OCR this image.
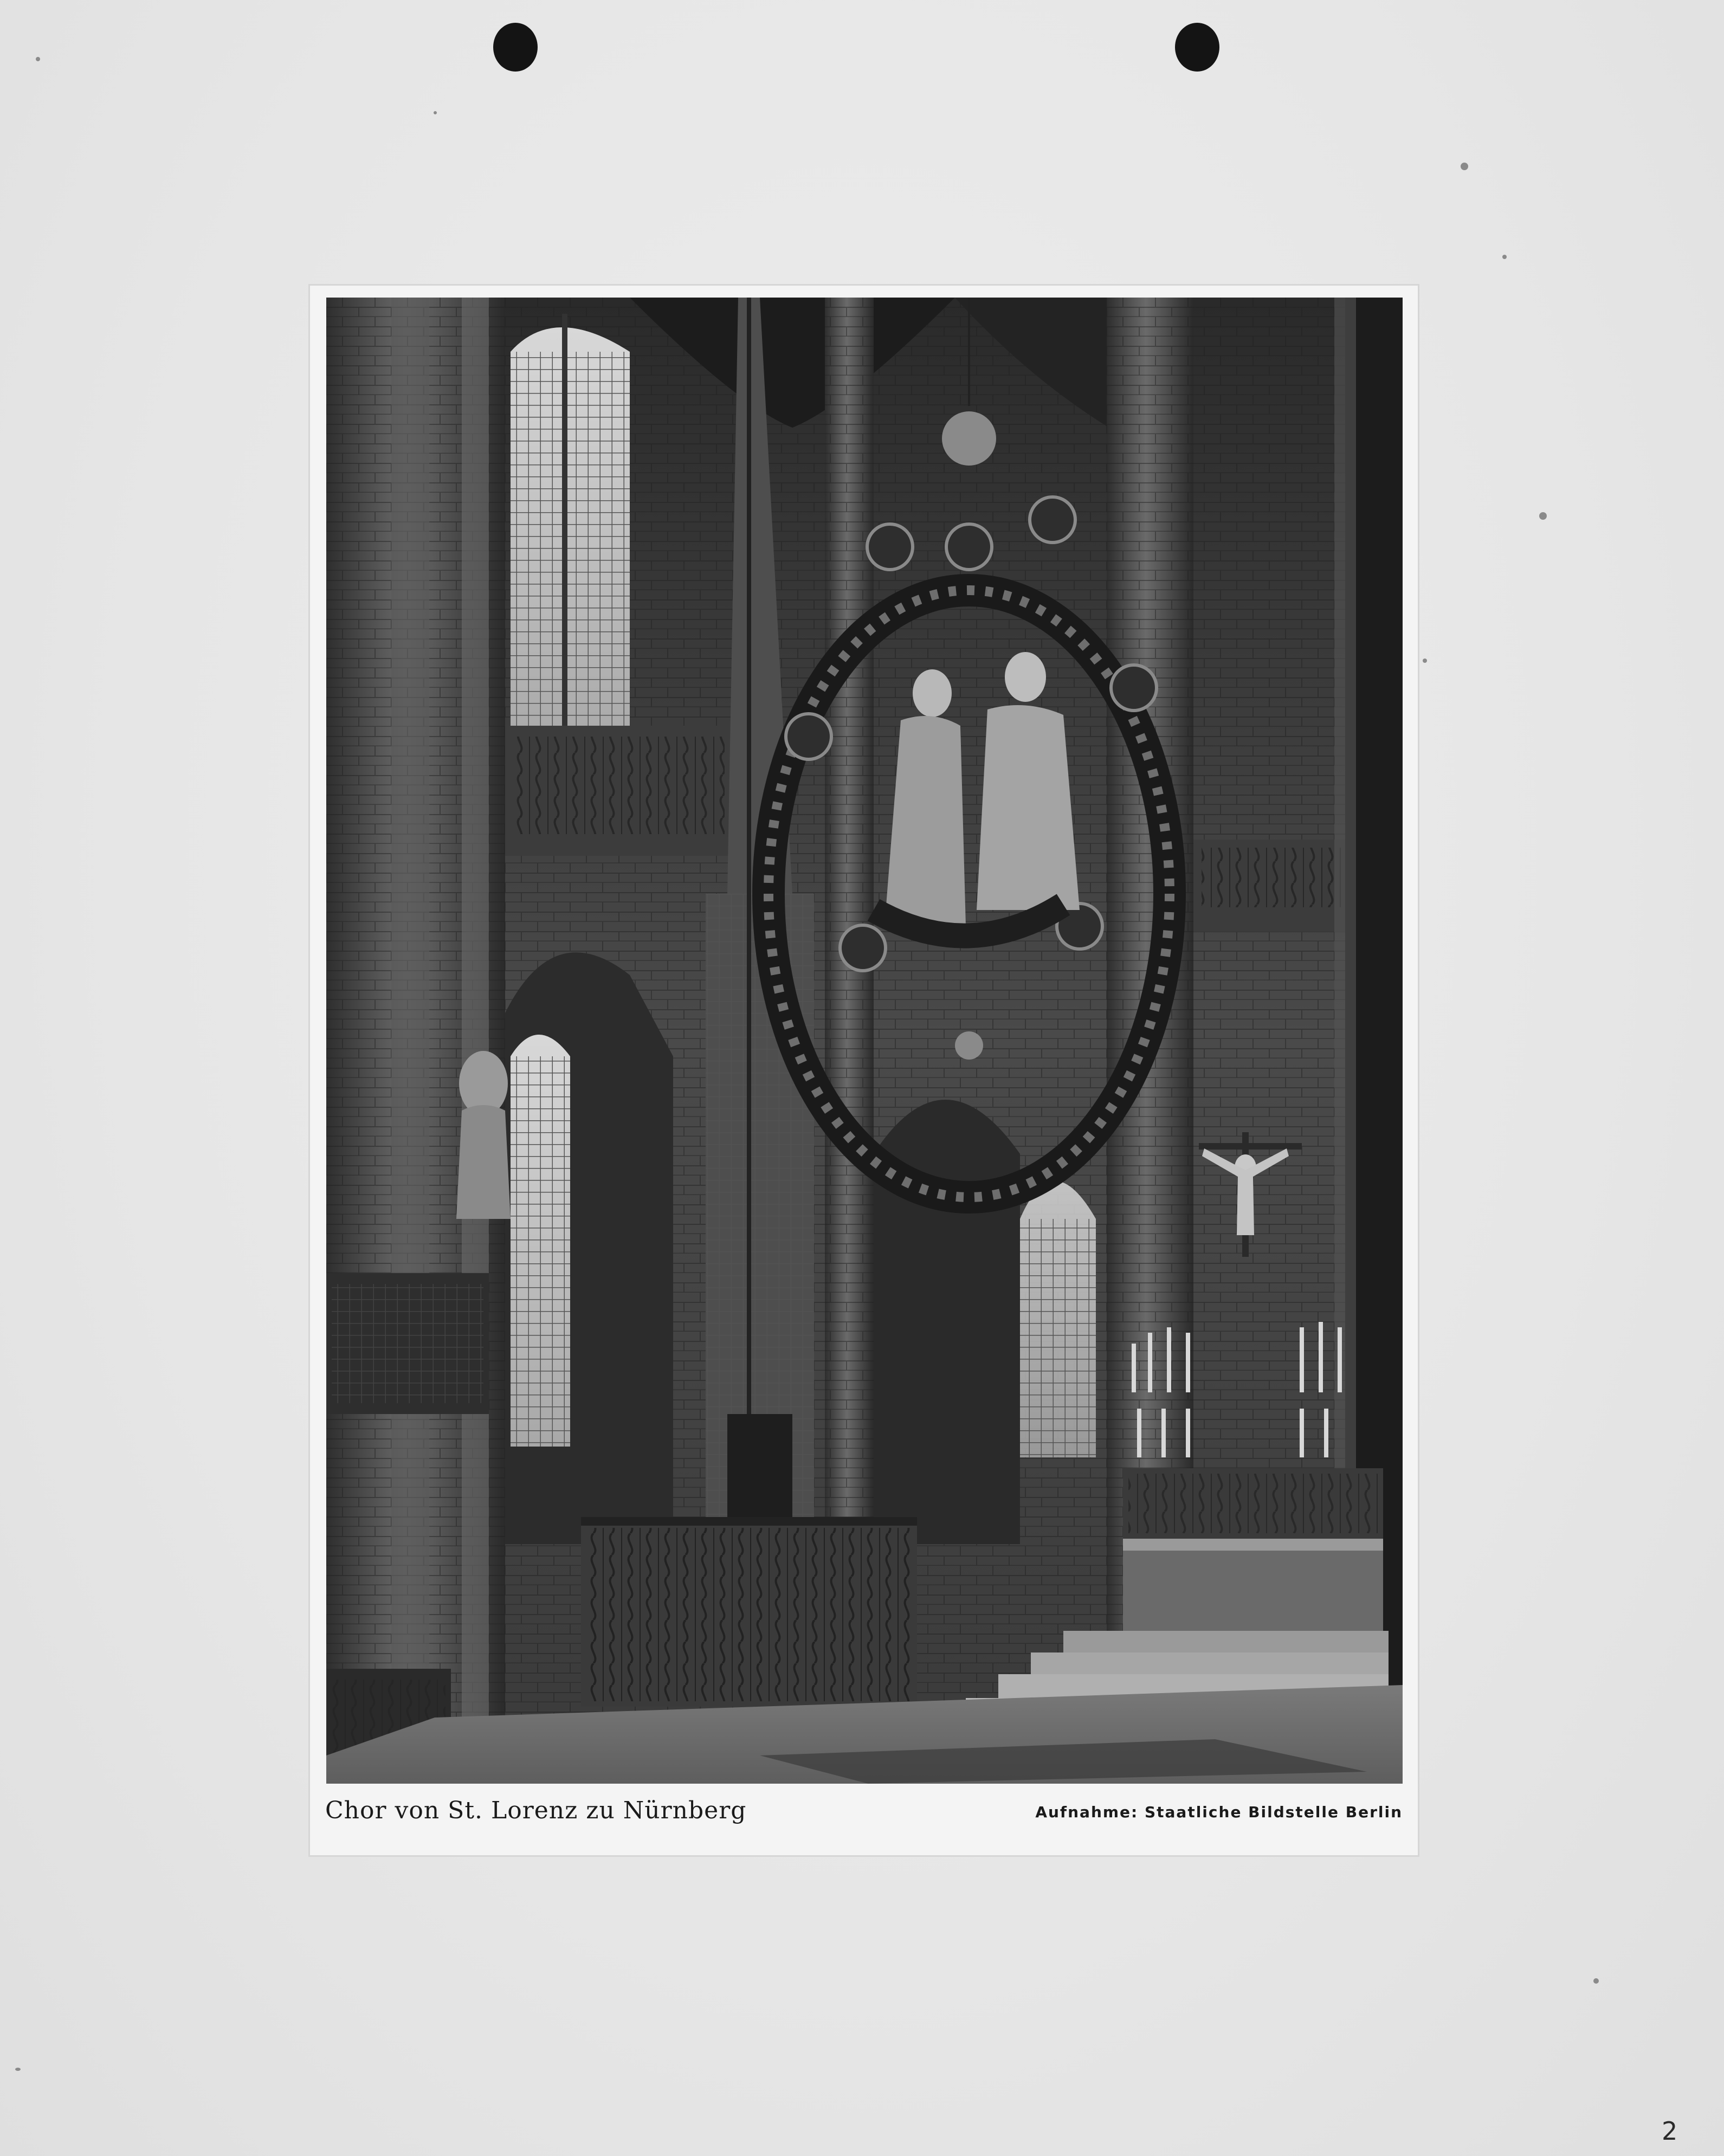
Chor von St. Lorenz zu Nürnberg	Aufnahme: Staatliche Bildstelle Berlin
2
